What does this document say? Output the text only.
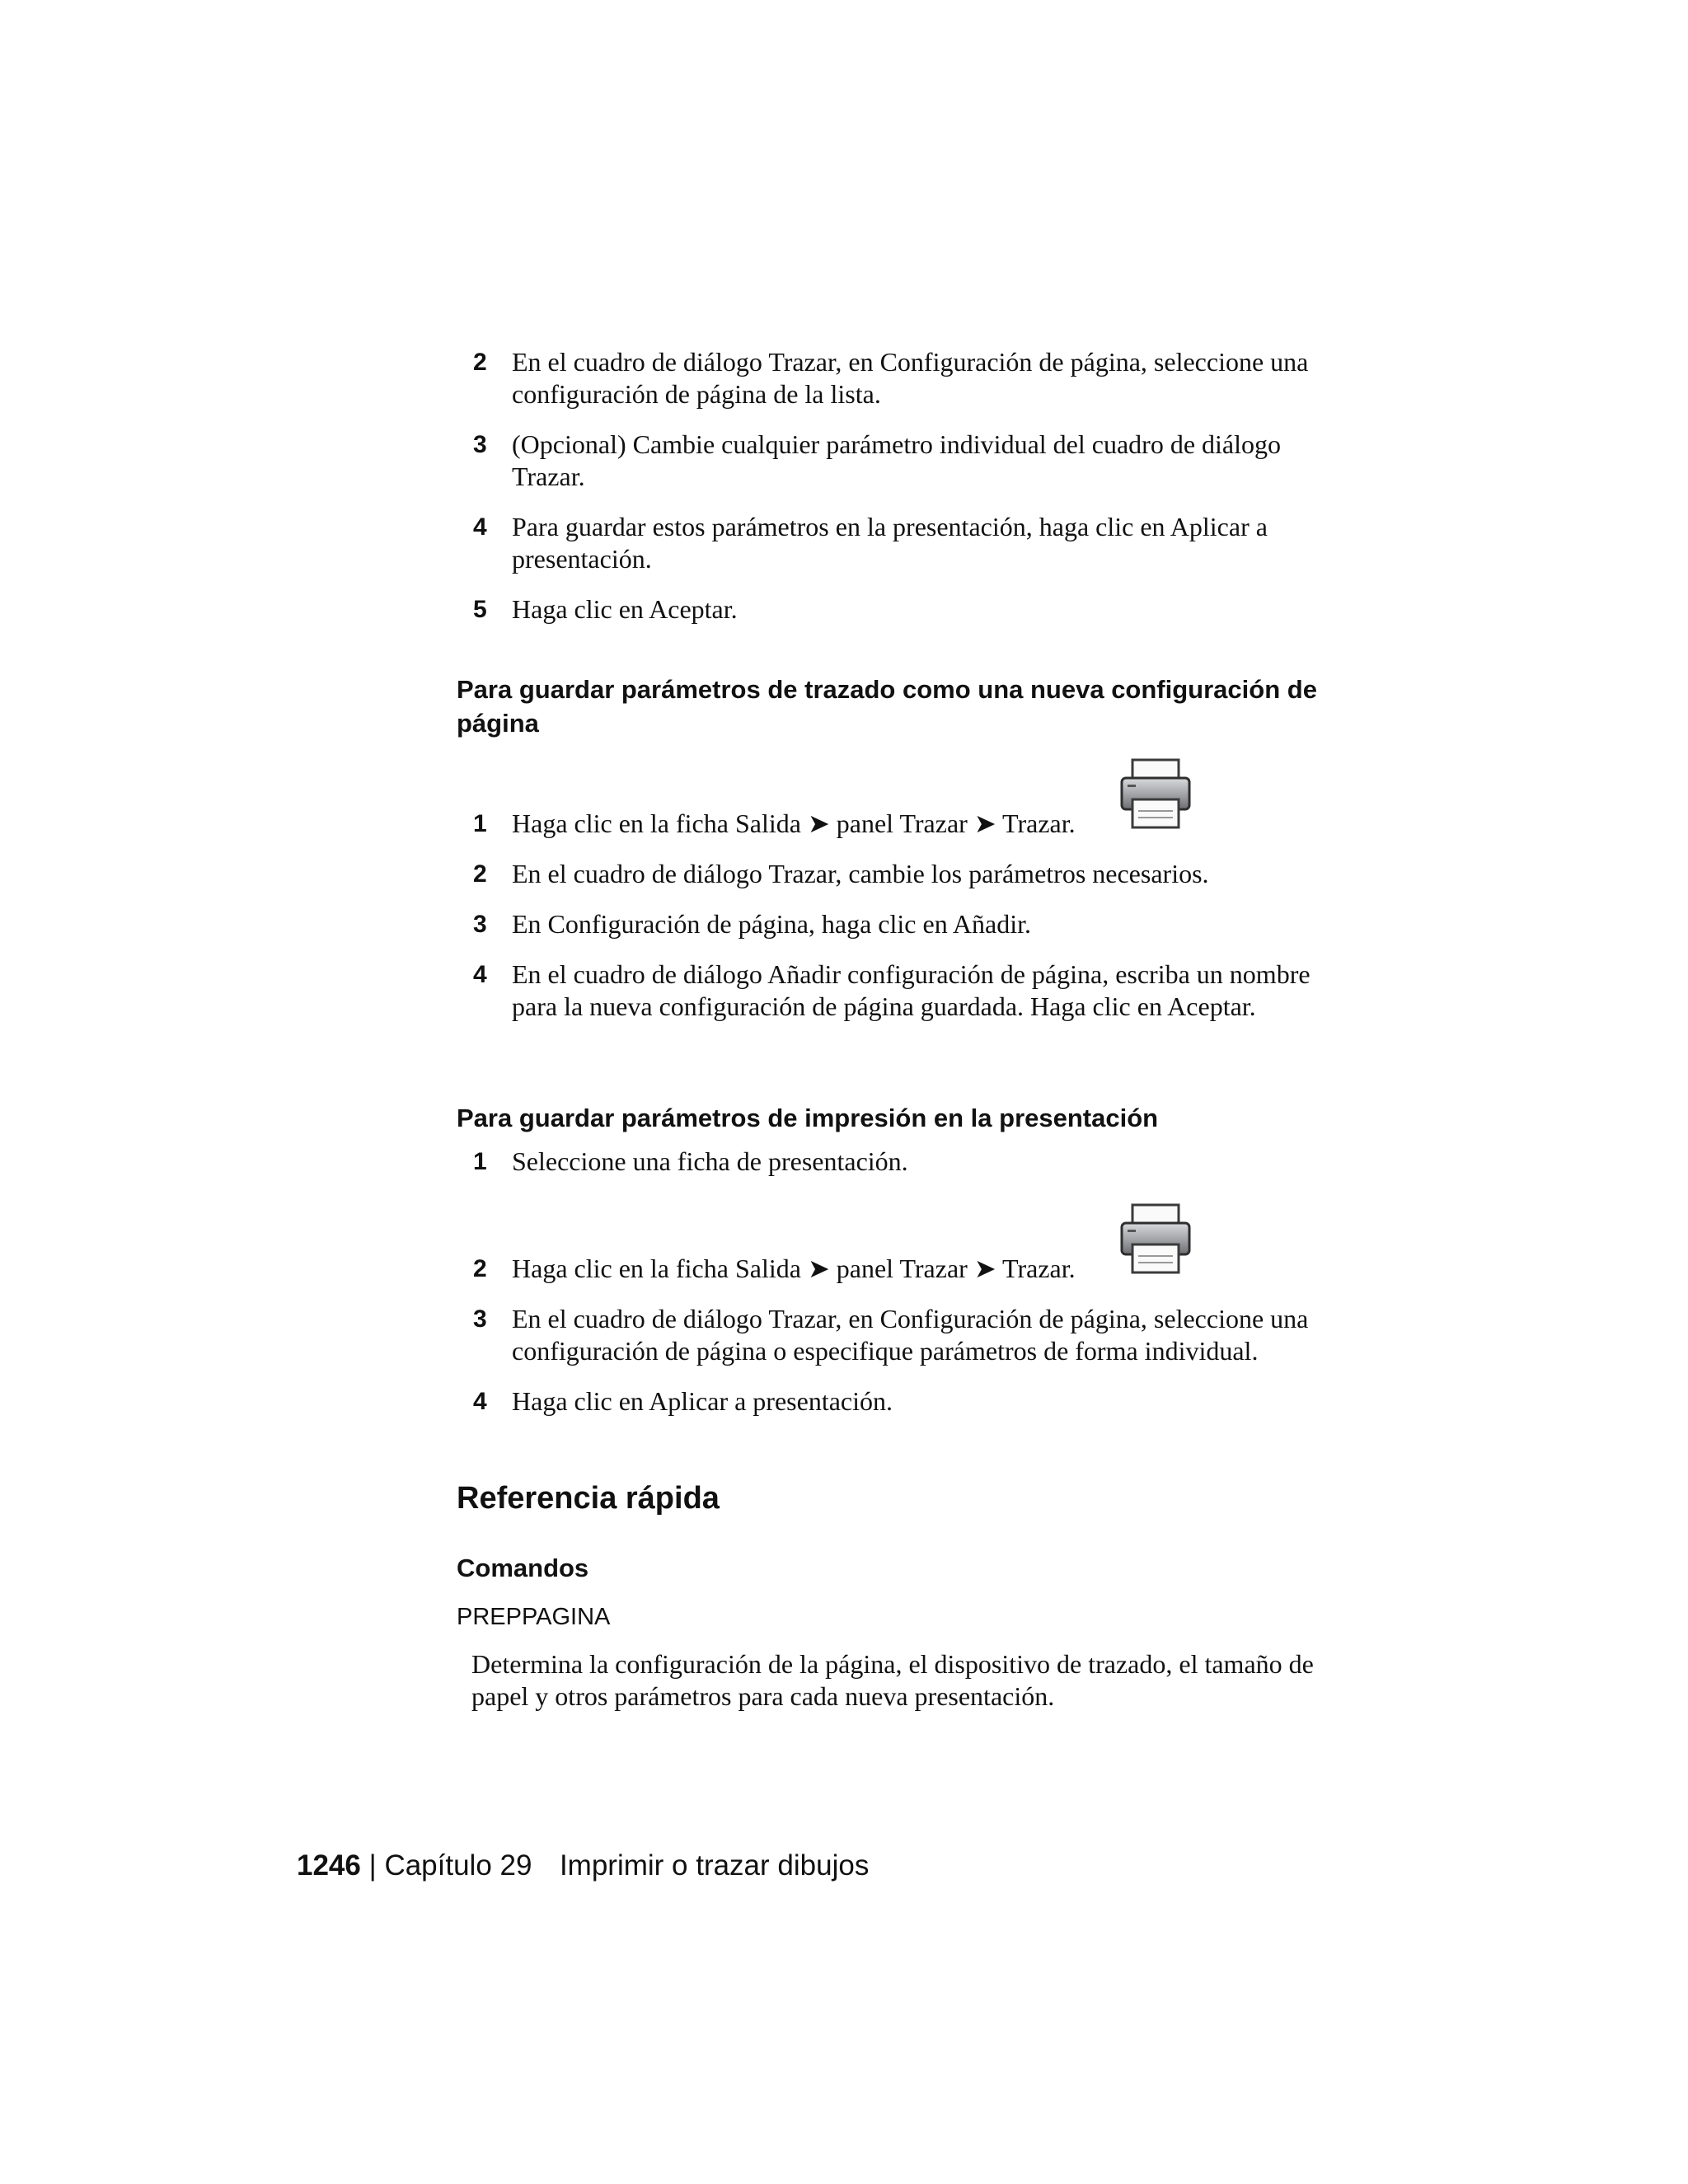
2 En el cuadro de diálogo Trazar, en Configuración de página, seleccione una configuración de página de la lista.
3 (Opcional) Cambie cualquier parámetro individual del cuadro de diálogo Trazar.
4 Para guardar estos parámetros en la presentación, haga clic en Aplicar a presentación.
5 Haga clic en Aceptar.
Para guardar parámetros de trazado como una nueva configuración de página
1 Haga clic en la ficha Salida ➤ panel Trazar ➤ Trazar.
2 En el cuadro de diálogo Trazar, cambie los parámetros necesarios.
3 En Configuración de página, haga clic en Añadir.
4 En el cuadro de diálogo Añadir configuración de página, escriba un nombre para la nueva configuración de página guardada. Haga clic en Aceptar.
Para guardar parámetros de impresión en la presentación
1 Seleccione una ficha de presentación.
2 Haga clic en la ficha Salida ➤ panel Trazar ➤ Trazar.
3 En el cuadro de diálogo Trazar, en Configuración de página, seleccione una configuración de página o especifique parámetros de forma individual.
4 Haga clic en Aplicar a presentación.
Referencia rápida
Comandos
PREPPAGINA
Determina la configuración de la página, el dispositivo de trazado, el tamaño de papel y otros parámetros para cada nueva presentación.
1246 | Capítulo 29 Imprimir o trazar dibujos
